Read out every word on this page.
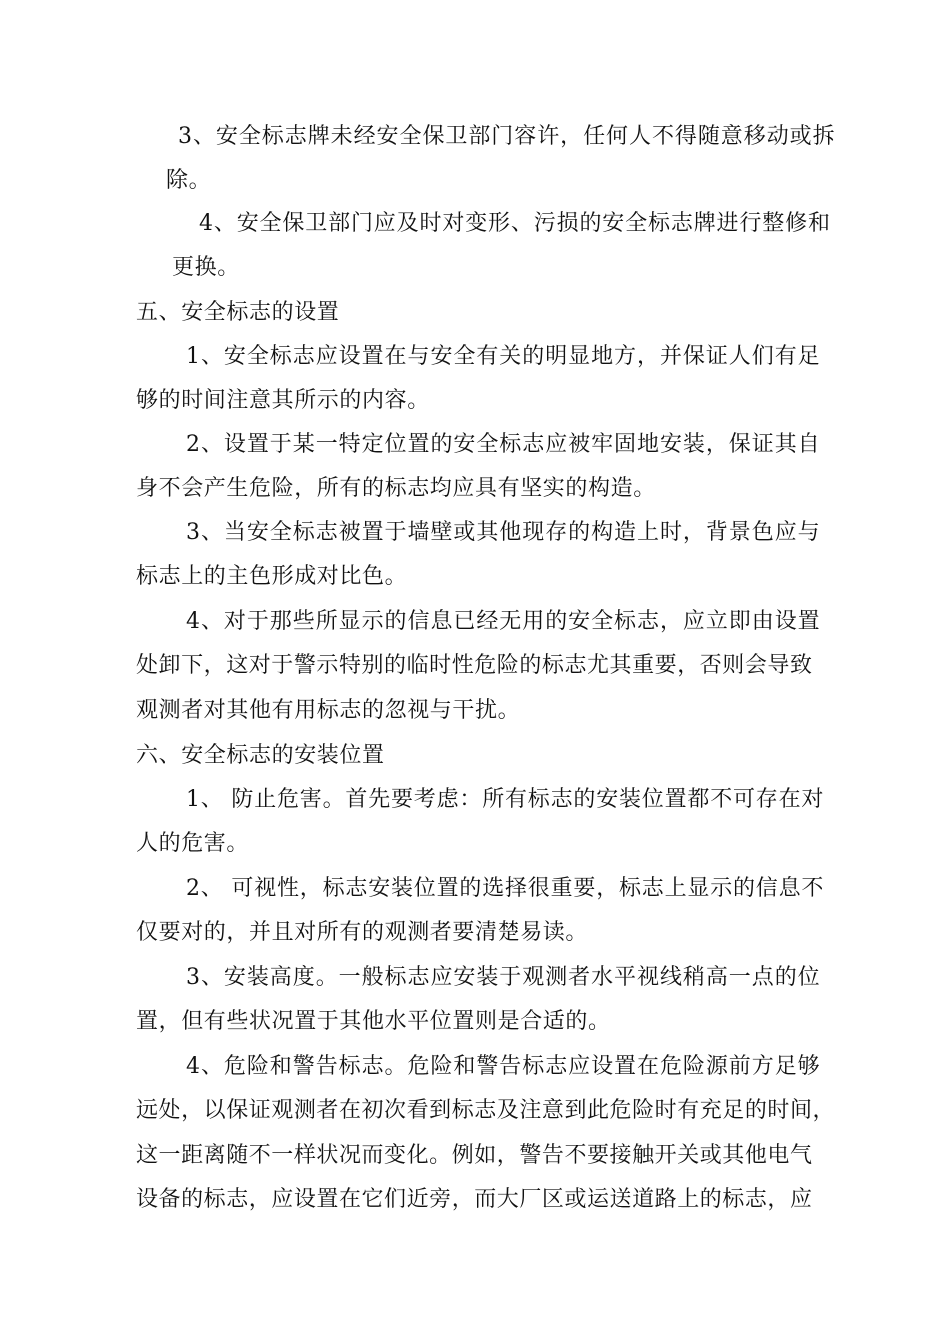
3、安全标志牌未经安全保卫部门容许，任何人不得随意移动或拆
除。
4、安全保卫部门应及时对变形、污损的安全标志牌进行整修和
更换。
五、安全标志的设置
1、安全标志应设置在与安全有关的明显地方，并保证人们有足
够的时间注意其所示的内容。
2、设置于某一特定位置的安全标志应被牢固地安装，保证其自
身不会产生危险，所有的标志均应具有坚实的构造。
3、当安全标志被置于墙壁或其他现存的构造上时，背景色应与
标志上的主色形成对比色。
4、对于那些所显示的信息已经无用的安全标志，应立即由设置
处卸下，这对于警示特别的临时性危险的标志尤其重要，否则会导致
观测者对其他有用标志的忽视与干扰。
六、安全标志的安装位置
1、 防止危害。首先要考虑：所有标志的安装位置都不可存在对
人的危害。
2、 可视性，标志安装位置的选择很重要，标志上显示的信息不
仅要对的，并且对所有的观测者要清楚易读。
3、安装高度。一般标志应安装于观测者水平视线稍高一点的位
置，但有些状况置于其他水平位置则是合适的。
4、危险和警告标志。危险和警告标志应设置在危险源前方足够
远处，以保证观测者在初次看到标志及注意到此危险时有充足的时间，
这一距离随不一样状况而变化。例如，警告不要接触开关或其他电气
设备的标志，应设置在它们近旁，而大厂区或运送道路上的标志，应
